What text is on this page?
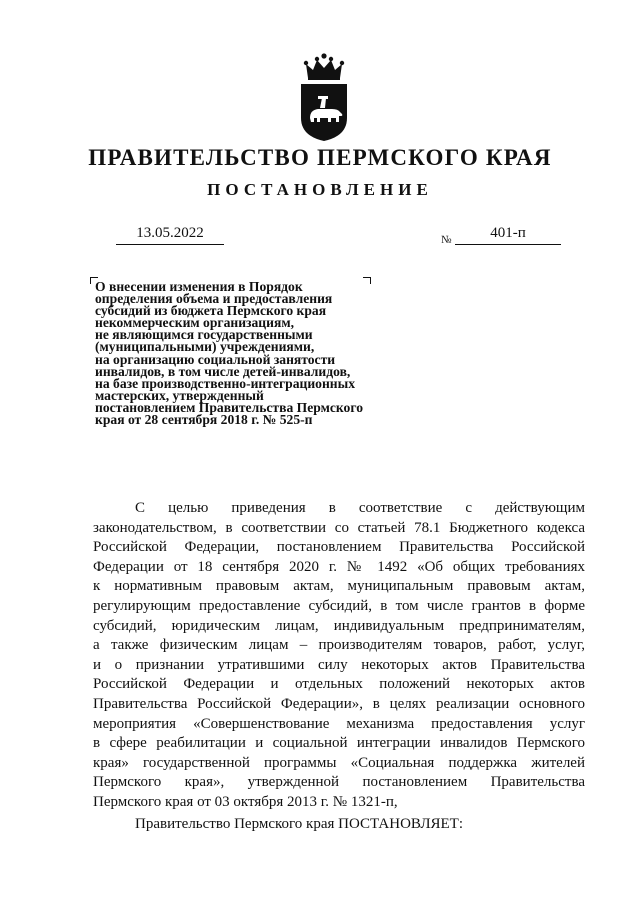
ПРАВИТЕЛЬСТВО ПЕРМСКОГО КРАЯ
ПОСТАНОВЛЕНИЕ
13.05.2022	№	401-п
О внесении изменения в Порядок
определения объема и предоставления
субсидий из бюджета Пермского края
некоммерческим организациям,
не являющимся государственными
(муниципальными) учреждениями,
на организацию социальной занятости
инвалидов, в том числе детей-инвалидов,
на базе производственно-интеграционных
мастерских, утвержденный
постановлением Правительства Пермского
края от 28 сентября 2018 г. № 525-п
С целью приведения в соответствие с действующим
законодательством, в соответствии со статьей 78.1 Бюджетного кодекса
Российской Федерации, постановлением Правительства Российской
Федерации от 18 сентября 2020 г. № 1492 «Об общих требованиях
к нормативным правовым актам, муниципальным правовым актам,
регулирующим предоставление субсидий, в том числе грантов в форме
субсидий, юридическим лицам, индивидуальным предпринимателям,
а также физическим лицам – производителям товаров, работ, услуг,
и о признании утратившими силу некоторых актов Правительства
Российской Федерации и отдельных положений некоторых актов
Правительства Российской Федерации», в целях реализации основного
мероприятия «Совершенствование механизма предоставления услуг
в сфере реабилитации и социальной интеграции инвалидов Пермского
края» государственной программы «Социальная поддержка жителей
Пермского края», утвержденной постановлением Правительства
Пермского края от 03 октября 2013 г. № 1321-п,
Правительство Пермского края ПОСТАНОВЛЯЕТ:
